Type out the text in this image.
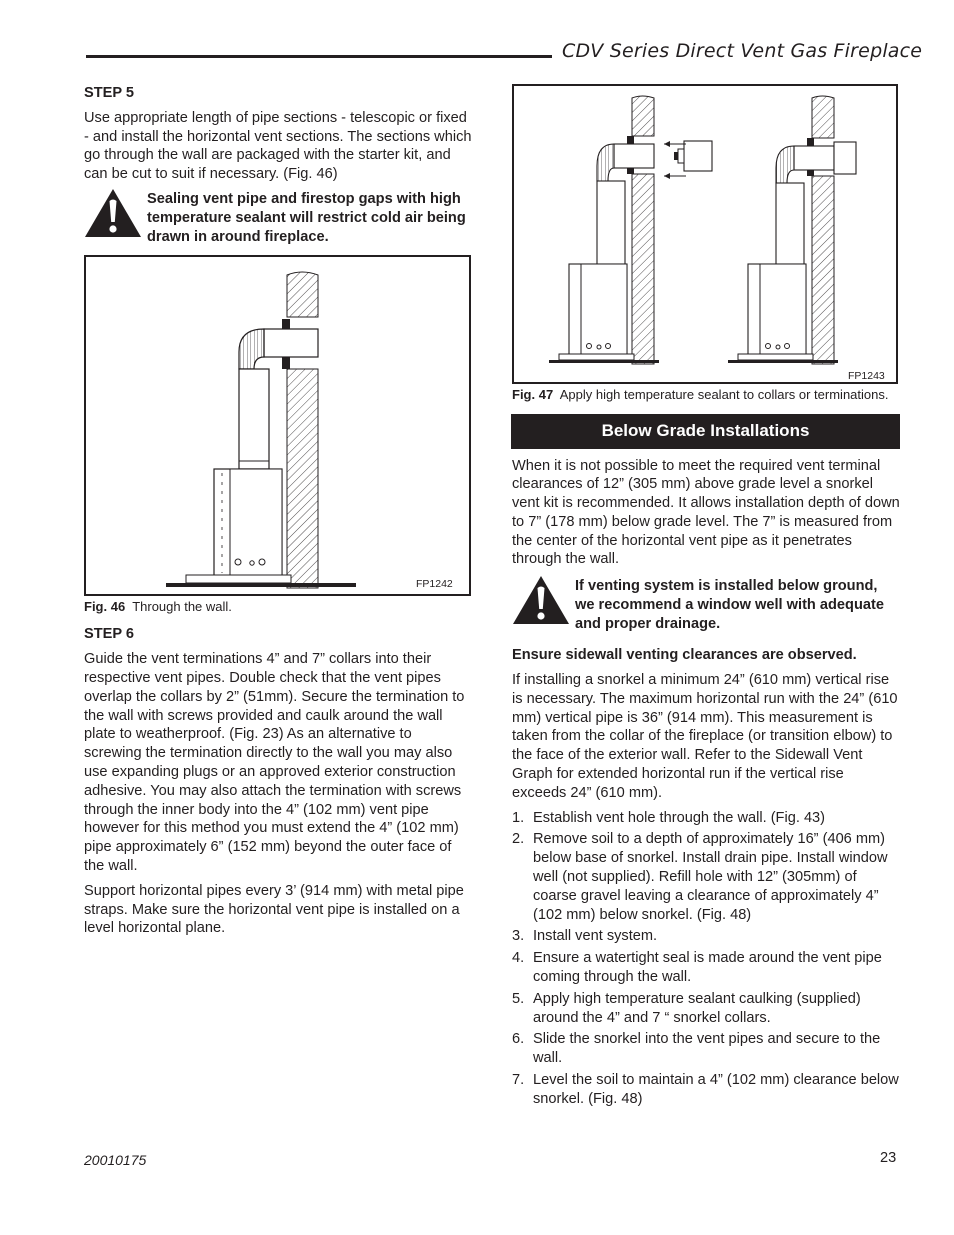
CDV Series Direct Vent Gas Fireplace
STEP 5

Use appropriate length of pipe sections - telescopic or fixed - and install the horizontal vent sections. The sections which go through the wall are packaged with the starter kit, and can be cut to suit if necessary. (Fig. 46)

Sealing vent pipe and firestop gaps with high temperature sealant will restrict cold air being drawn in around fireplace.
FP1242
Fig. 46 Through the wall.
STEP 6

Guide the vent terminations 4” and 7” collars into their respective vent pipes. Double check that the vent pipes overlap the collars by 2” (51mm). Secure the termination to the wall with screws provided and caulk around the wall plate to weatherproof. (Fig. 23) As an alternative to screwing the termination directly to the wall you may also use expanding plugs or an approved exterior construction adhesive. You may also attach the termination with screws through the inner body into the 4” (102 mm) vent pipe however for this method you must extend the 4” (102 mm) pipe approximately 6” (152 mm) beyond the outer face of the wall.

Support horizontal pipes every 3’ (914 mm) with metal pipe straps. Make sure the horizontal vent pipe is installed on a level horizontal plane.

FP1243
Fig. 47 Apply high temperature sealant to collars or terminations.
Below Grade Installations

When it is not possible to meet the required vent terminal clearances of 12” (305 mm) above grade level a snorkel vent kit is recommended. It allows installation depth of down to 7” (178 mm) below grade level. The 7” is measured from the center of the horizontal vent pipe as it penetrates through the wall.

If venting system is installed below ground, we recommend a window well with adequate and proper drainage.
Ensure sidewall venting clearances are observed.

If installing a snorkel a minimum 24” (610 mm) vertical rise is necessary. The maximum horizontal run with the 24” (610 mm) vertical pipe is 36” (914 mm). This measurement is taken from the collar of the fireplace (or transition elbow) to the face of the exterior wall. Refer to the Sidewall Vent Graph for extended horizontal run if the vertical rise exceeds 24” (610 mm).

1. Establish vent hole through the wall. (Fig. 43)
2. Remove soil to a depth of approximately 16” (406 mm) below base of snorkel. Install drain pipe. Install window well (not supplied). Refill hole with 12” (305mm) of coarse gravel leaving a clearance of approximately 4” (102 mm) below snorkel. (Fig. 48)
3. Install vent system.
4. Ensure a watertight seal is made around the vent pipe coming through the wall.
5. Apply high temperature sealant caulking (supplied) around the 4” and 7 “ snorkel collars.
6. Slide the snorkel into the vent pipes and secure to the wall.
7. Level the soil to maintain a 4” (102 mm) clearance below snorkel. (Fig. 48)
20010175	23
